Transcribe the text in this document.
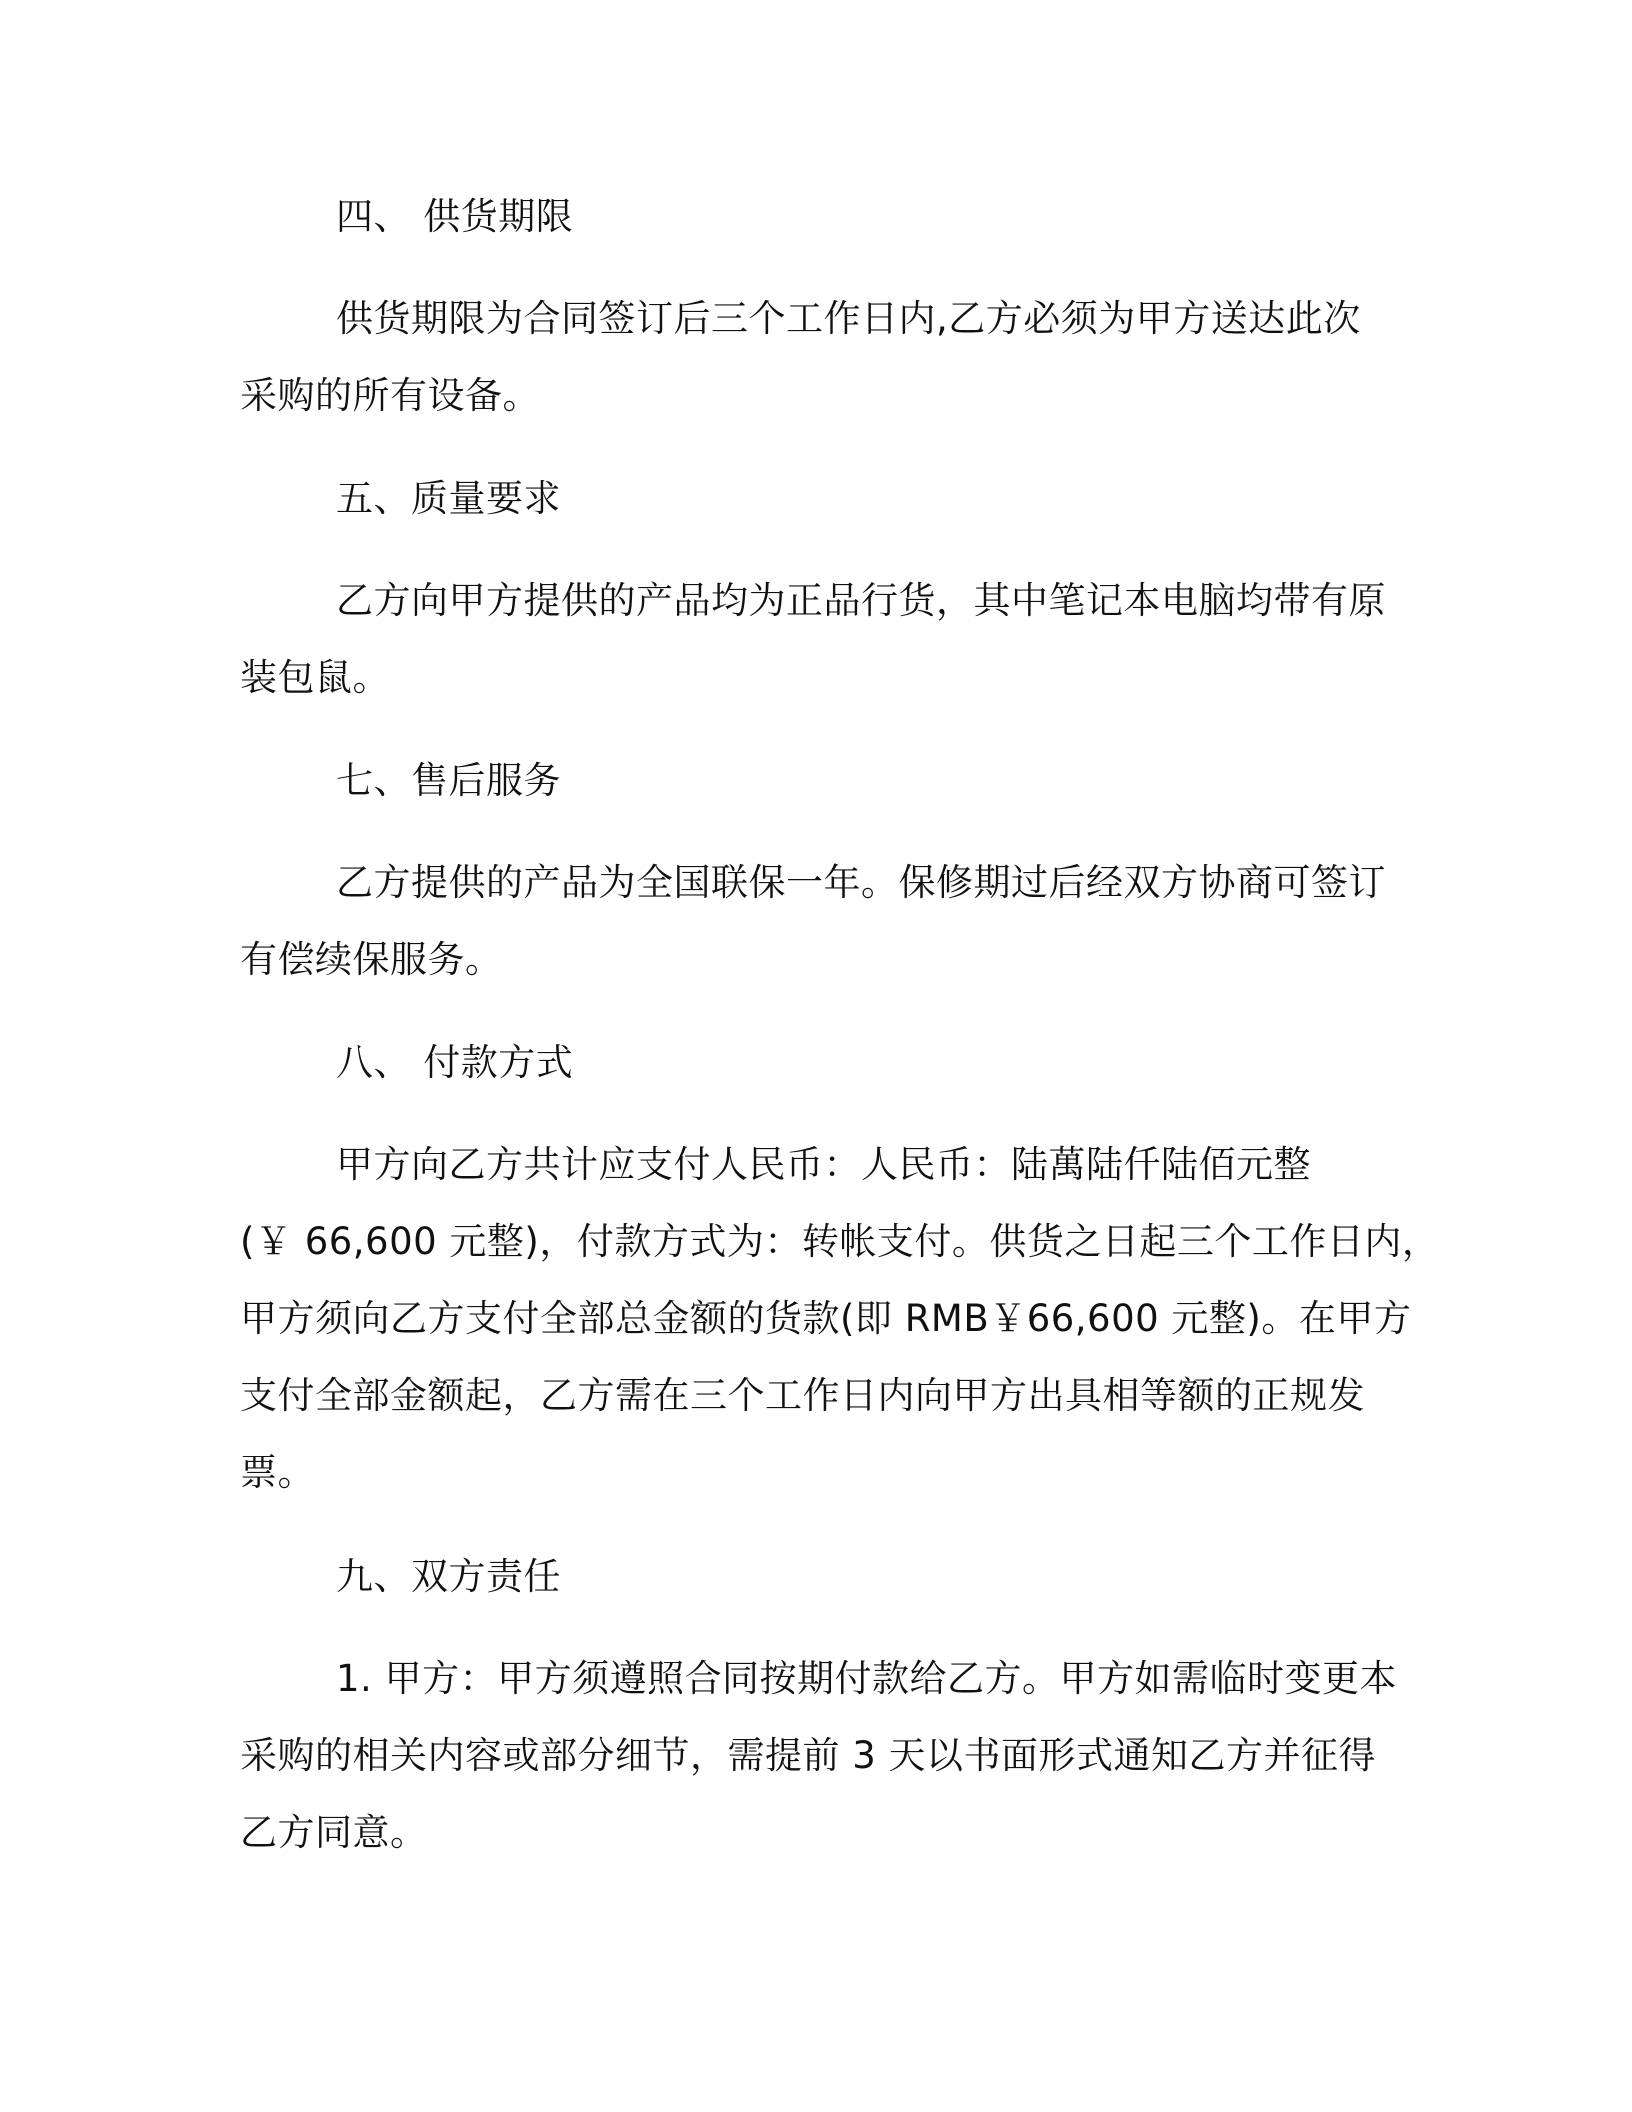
四、 供货期限
供货期限为合同签订后三个工作日内,乙方必须为甲方送达此次
采购的所有设备。
五、质量要求
乙方向甲方提供的产品均为正品行货，其中笔记本电脑均带有原
装包鼠。
七、售后服务
乙方提供的产品为全国联保一年。保修期过后经双方协商可签订
有偿续保服务。
八、 付款方式
甲方向乙方共计应支付人民币：人民币：陆萬陆仟陆佰元整
(￥ 66,600 元整)，付款方式为：转帐支付。供货之日起三个工作日内，
甲方须向乙方支付全部总金额的货款(即 RMB￥66,600 元整)。在甲方
支付全部金额起，乙方需在三个工作日内向甲方出具相等额的正规发
票。
九、双方责任
1. 甲方：甲方须遵照合同按期付款给乙方。甲方如需临时变更本
采购的相关内容或部分细节，需提前 3 天以书面形式通知乙方并征得
乙方同意。
